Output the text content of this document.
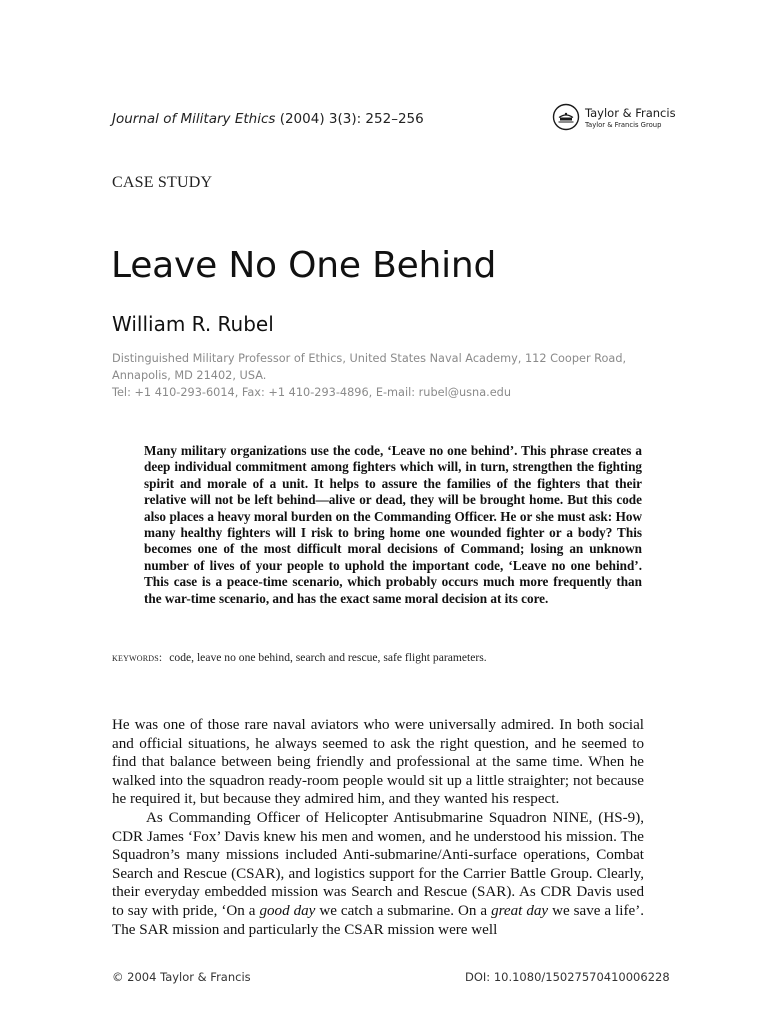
Journal of Military Ethics (2004) 3(3): 252–256	Taylor & Francis
Taylor & Francis Group
CASE STUDY
Leave No One Behind
William R. Rubel
Distinguished Military Professor of Ethics, United States Naval Academy, 112 Cooper Road,
Annapolis, MD 21402, USA.
Tel: +1 410-293-6014, Fax: +1 410-293-4896, E-mail: rubel@usna.edu
Many military organizations use the code, ‘Leave no one behind’. This phrase creates a deep individual commitment among fighters which will, in turn, strengthen the fighting spirit and morale of a unit. It helps to assure the families of the fighters that their relative will not be left behind—alive or dead, they will be brought home. But this code also places a heavy moral burden on the Commanding Officer. He or she must ask: How many healthy fighters will I risk to bring home one wounded fighter or a body? This becomes one of the most difficult moral decisions of Command; losing an unknown number of lives of your people to uphold the important code, ‘Leave no one behind’. This case is a peace-time scenario, which probably occurs much more frequently than the war-time scenario, and has the exact same moral decision at its core.
keywords: code, leave no one behind, search and rescue, safe flight parameters.

He was one of those rare naval aviators who were universally admired. In both social and official situations, he always seemed to ask the right question, and he seemed to find that balance between being friendly and professional at the same time. When he walked into the squadron ready-room people would sit up a little straighter; not because he required it, but because they admired him, and they wanted his respect.

As Commanding Officer of Helicopter Antisubmarine Squadron NINE, (HS-9), CDR James ‘Fox’ Davis knew his men and women, and he understood his mission. The Squadron’s many missions included Anti-submarine/Anti-surface operations, Combat Search and Rescue (CSAR), and logistics support for the Carrier Battle Group. Clearly, their everyday embedded mission was Search and Rescue (SAR). As CDR Davis used to say with pride, ‘On a good day we catch a submarine. On a great day we save a life’. The SAR mission and particularly the CSAR mission were well

© 2004 Taylor & Francis	DOI: 10.1080/15027570410006228
